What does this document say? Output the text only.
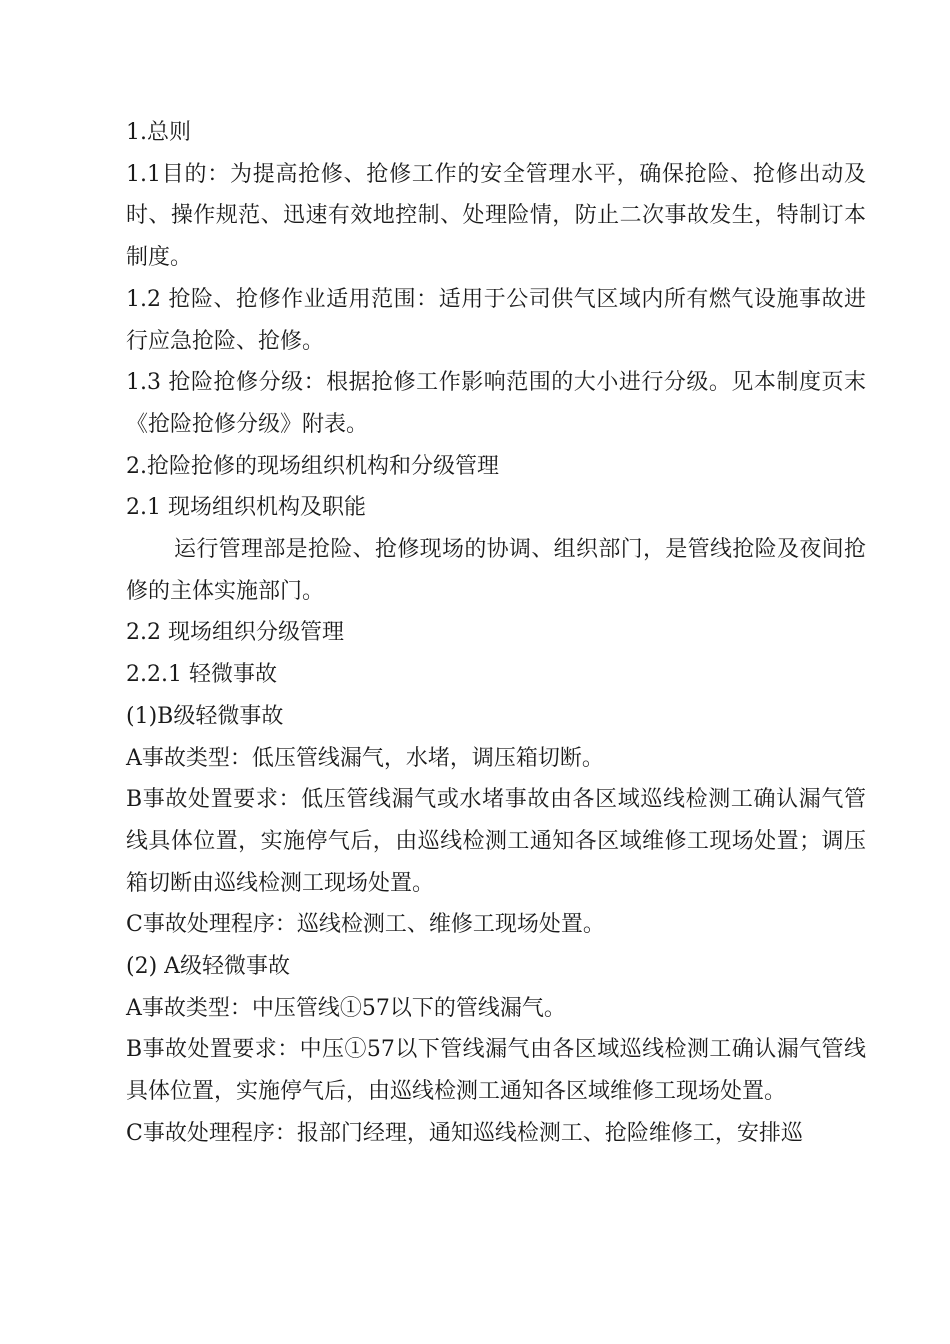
1.总则

1.1目的：为提高抢修、抢修工作的安全管理水平，确保抢险、抢修出动及时、操作规范、迅速有效地控制、处理险情，防止二次事故发生，特制订本制度。

1.2 抢险、抢修作业适用范围：适用于公司供气区域内所有燃气设施事故进行应急抢险、抢修。

1.3 抢险抢修分级：根据抢修工作影响范围的大小进行分级。见本制度页末《抢险抢修分级》附表。

2.抢险抢修的现场组织机构和分级管理

2.1 现场组织机构及职能

运行管理部是抢险、抢修现场的协调、组织部门，是管线抢险及夜间抢修的主体实施部门。

2.2 现场组织分级管理

2.2.1 轻微事故

(1)B级轻微事故

A事故类型：低压管线漏气，水堵，调压箱切断。

B事故处置要求：低压管线漏气或水堵事故由各区域巡线检测工确认漏气管线具体位置，实施停气后，由巡线检测工通知各区域维修工现场处置；调压箱切断由巡线检测工现场处置。

C事故处理程序：巡线检测工、维修工现场处置。

(2) A级轻微事故

A事故类型：中压管线①57以下的管线漏气。

B事故处置要求：中压①57以下管线漏气由各区域巡线检测工确认漏气管线具体位置，实施停气后，由巡线检测工通知各区域维修工现场处置。

C事故处理程序：报部门经理，通知巡线检测工、抢险维修工，安排巡
